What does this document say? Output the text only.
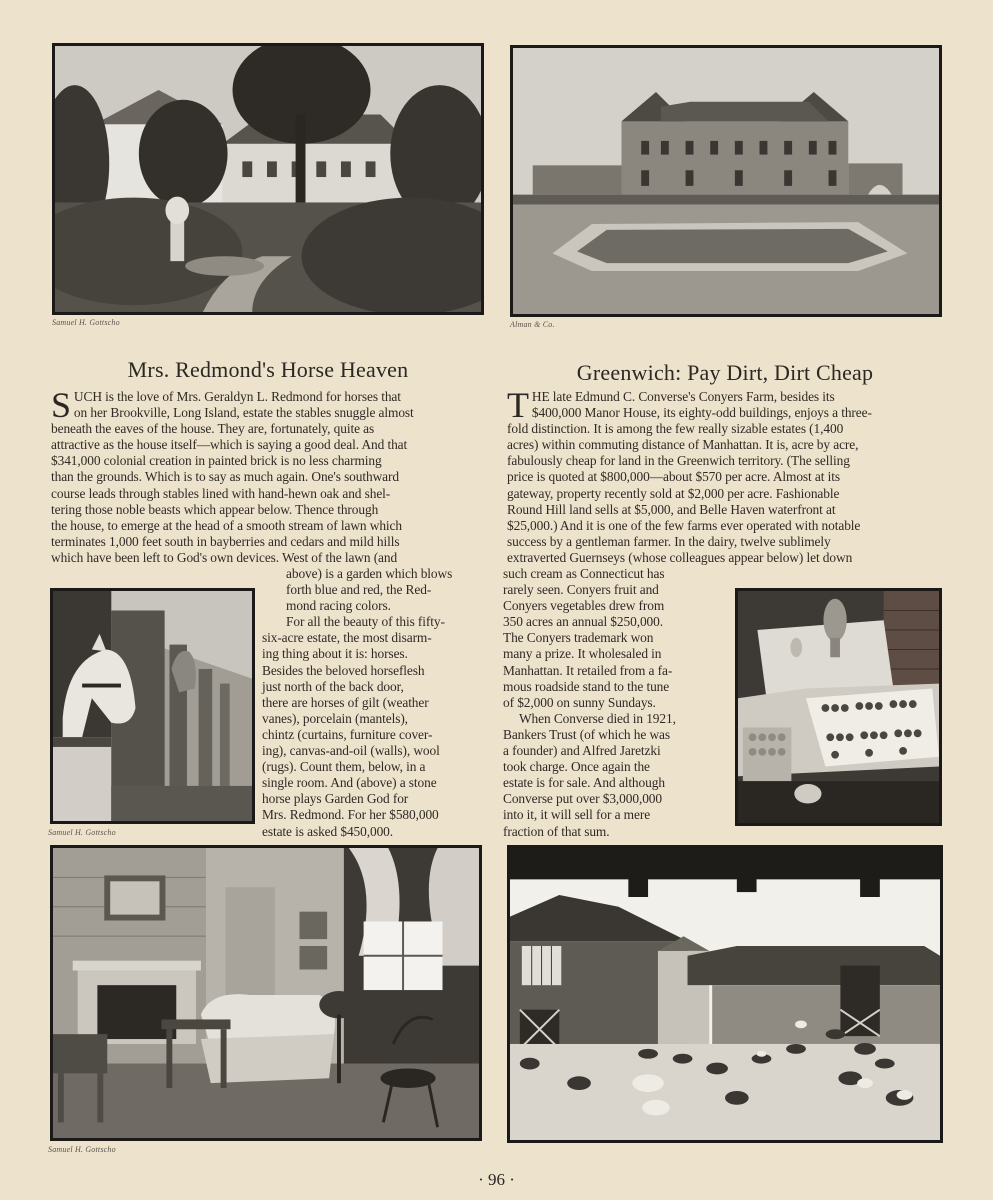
Samuel H. Gottscho	Alman & Co.
Samuel H. Gottscho
Samuel H. Gottscho
Mrs. Redmond's Horse Heaven	Greenwich: Pay Dirt, Dirt Cheap
S UCH is the love of Mrs. Geraldyn L. Redmond for horses that
on her Brookville, Long Island, estate the stables snuggle almost
beneath the eaves of the house. They are, fortunately, quite as
attractive as the house itself—which is saying a good deal. And that
$341,000 colonial creation in painted brick is no less charming
than the grounds. Which is to say as much again. One's southward
course leads through stables lined with hand-hewn oak and shel-
tering those noble beasts which appear below. Thence through
the house, to emerge at the head of a smooth stream of lawn which
terminates 1,000 feet south in bayberries and cedars and mild hills
which have been left to God's own devices. West of the lawn (and
above) is a garden which blows
forth blue and red, the Red-
mond racing colors.
For all the beauty of this fifty-
six-acre estate, the most disarm-
ing thing about it is: horses.
Besides the beloved horseflesh
just north of the back door,
there are horses of gilt (weather
vanes), porcelain (mantels),
chintz (curtains, furniture cover-
ing), canvas-and-oil (walls), wool
(rugs). Count them, below, in a
single room. And (above) a stone
horse plays Garden God for
Mrs. Redmond. For her $580,000
estate is asked $450,000.
T HE late Edmund C. Converse's Conyers Farm, besides its
$400,000 Manor House, its eighty-odd buildings, enjoys a three-
fold distinction. It is among the few really sizable estates (1,400
acres) within commuting distance of Manhattan. It is, acre by acre,
fabulously cheap for land in the Greenwich territory. (The selling
price is quoted at $800,000—about $570 per acre. Almost at its
gateway, property recently sold at $2,000 per acre. Fashionable
Round Hill land sells at $5,000, and Belle Haven waterfront at
$25,000.) And it is one of the few farms ever operated with notable
success by a gentleman farmer. In the dairy, twelve sublimely
extraverted Guernseys (whose colleagues appear below) let down
such cream as Connecticut has
rarely seen. Conyers fruit and
Conyers vegetables drew from
350 acres an annual $250,000.
The Conyers trademark won
many a prize. It wholesaled in
Manhattan. It retailed from a fa-
mous roadside stand to the tune
of $2,000 on sunny Sundays.
When Converse died in 1921,
Bankers Trust (of which he was
a founder) and Alfred Jaretzki
took charge. Once again the
estate is for sale. And although
Converse put over $3,000,000
into it, it will sell for a mere
fraction of that sum.
· 96 ·
